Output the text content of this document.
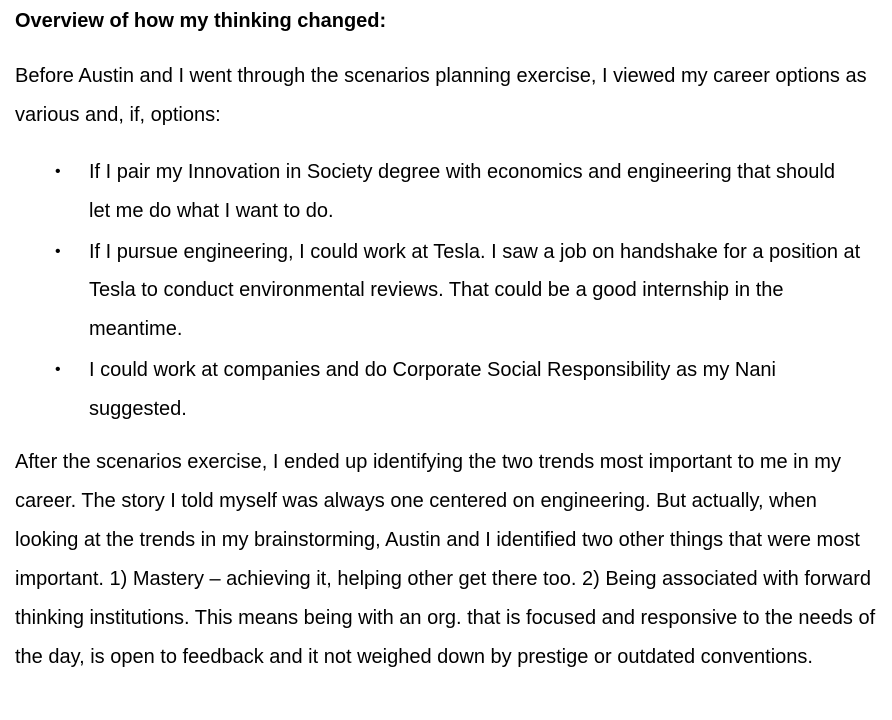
Overview of how my thinking changed:

Before Austin and I went through the scenarios planning exercise, I viewed my career options as various and, if, options:

• If I pair my Innovation in Society degree with economics and engineering that should let me do what I want to do.
• If I pursue engineering, I could work at Tesla. I saw a job on handshake for a position at Tesla to conduct environmental reviews. That could be a good internship in the meantime.
• I could work at companies and do Corporate Social Responsibility as my Nani suggested.

After the scenarios exercise, I ended up identifying the two trends most important to me in my career. The story I told myself was always one centered on engineering. But actually, when looking at the trends in my brainstorming, Austin and I identified two other things that were most important. 1) Mastery – achieving it, helping other get there too. 2) Being associated with forward thinking institutions. This means being with an org. that is focused and responsive to the needs of the day, is open to feedback and it not weighed down by prestige or outdated conventions.
